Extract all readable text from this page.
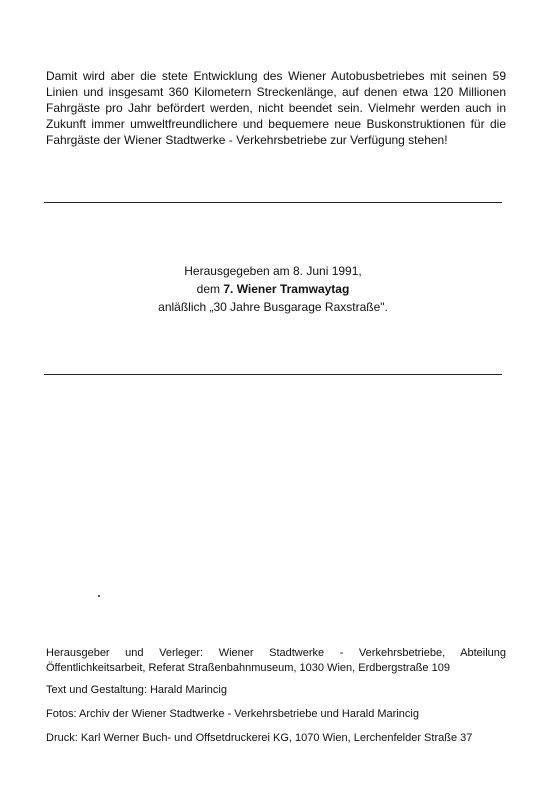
Damit wird aber die stete Entwicklung des Wiener Autobusbetriebes mit seinen 59 Linien und insgesamt 360 Kilometern Streckenlänge, auf denen etwa 120 Millionen Fahrgäste pro Jahr befördert werden, nicht beendet sein. Vielmehr werden auch in Zukunft immer umweltfreundlichere und bequemere neue Buskonstruktionen für die Fahrgäste der Wiener Stadtwerke - Verkehrsbetriebe zur Verfügung stehen!

Herausgegeben am 8. Juni 1991,
dem 7. Wiener Tramwaytag
anläßlich „30 Jahre Busgarage Raxstraße".

Herausgeber und Verleger: Wiener Stadtwerke - Verkehrsbetriebe, Abteilung Öffentlichkeitsarbeit, Referat Straßenbahnmuseum, 1030 Wien, Erdbergstraße 109

Text und Gestaltung: Harald Marincig

Fotos: Archiv der Wiener Stadtwerke - Verkehrsbetriebe und Harald Marincig

Druck: Karl Werner Buch- und Offsetdruckerei KG, 1070 Wien, Lerchenfelder Straße 37
